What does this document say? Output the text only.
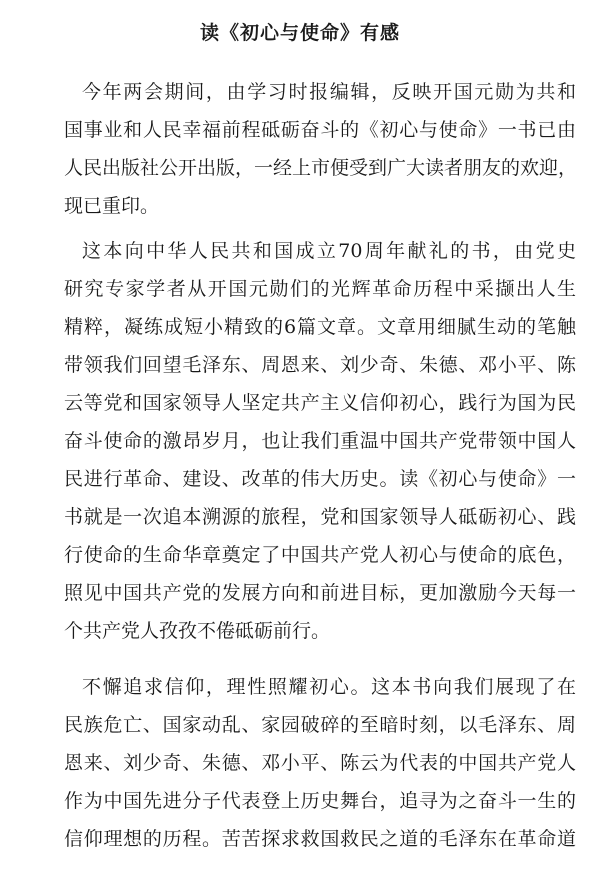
读《初心与使命》有感
今年两会期间，由学习时报编辑，反映开国元勋为共和
国事业和人民幸福前程砥砺奋斗的《初心与使命》一书已由
人民出版社公开出版，一经上市便受到广大读者朋友的欢迎，
现已重印。
这本向中华人民共和国成立70周年献礼的书，由党史
研究专家学者从开国元勋们的光辉革命历程中采撷出人生
精粹，凝练成短小精致的6篇文章。文章用细腻生动的笔触
带领我们回望毛泽东、周恩来、刘少奇、朱德、邓小平、陈
云等党和国家领导人坚定共产主义信仰初心，践行为国为民
奋斗使命的激昂岁月，也让我们重温中国共产党带领中国人
民进行革命、建设、改革的伟大历史。读《初心与使命》一
书就是一次追本溯源的旅程，党和国家领导人砥砺初心、践
行使命的生命华章奠定了中国共产党人初心与使命的底色，
照见中国共产党的发展方向和前进目标，更加激励今天每一
个共产党人孜孜不倦砥砺前行。
不懈追求信仰，理性照耀初心。这本书向我们展现了在
民族危亡、国家动乱、家园破碎的至暗时刻，以毛泽东、周
恩来、刘少奇、朱德、邓小平、陈云为代表的中国共产党人
作为中国先进分子代表登上历史舞台，追寻为之奋斗一生的
信仰理想的历程。苦苦探求救国救民之道的毛泽东在革命道
